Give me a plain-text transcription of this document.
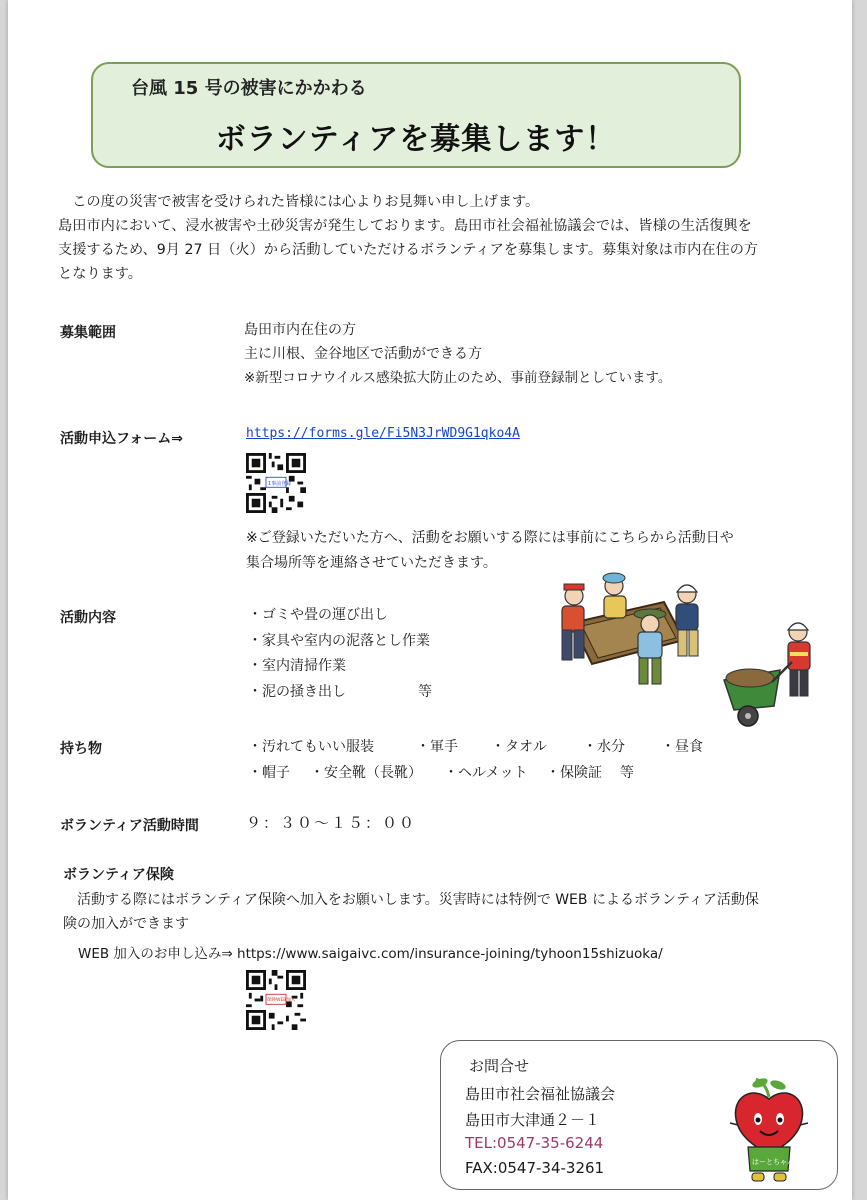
台風 15 号の被害にかかわる
ボランティアを募集します！

この度の災害で被害を受けられた皆様には心よりお見舞い申し上げます。

島田市内において、浸水被害や土砂災害が発生しております。島田市社会福祉協議会では、皆様の生活復興を

支援するため、9月 27 日（火）から活動していただけるボランティアを募集します。募集対象は市内在住の方

となります。

募集範囲	島田市内在住の方
主に川根、金谷地区で活動ができる方
※新型コロナウイルス感染拡大防止のため、事前登録制としています。
活動申込フォーム⇒	https://forms.gle/Fi5N3JrWD9G1qko4A
1事前登録
※ご登録いただいた方へ、活動をお願いする際には事前にこちらから活動日や
集合場所等を連絡させていただきます。
活動内容	・ゴミや畳の運び出し
・家具や室内の泥落とし作業
・室内清掃作業
・泥の掻き出し	等
持ち物	・汚れてもいい服装	・軍手 ・タオル	・水分	・昼食
・帽子 ・安全靴（長靴） ・ヘルメット ・保険証 等
ボランティア活動時間	９：３０～１５：００
ボランティア保険

活動する際にはボランティア保険へ加入をお願いします。災害時には特例で WEB によるボランティア活動保

険の加入ができます

WEB 加入のお申し込み⇒ https://www.saigaivc.com/insurance-joining/tyhoon15shizuoka/
保険WEB加入
お問合せ
島田市社会福祉協議会
島田市大津通２－１
TEL:0547-35-6244
FAX:0547-34-3261	はーとちゃん
